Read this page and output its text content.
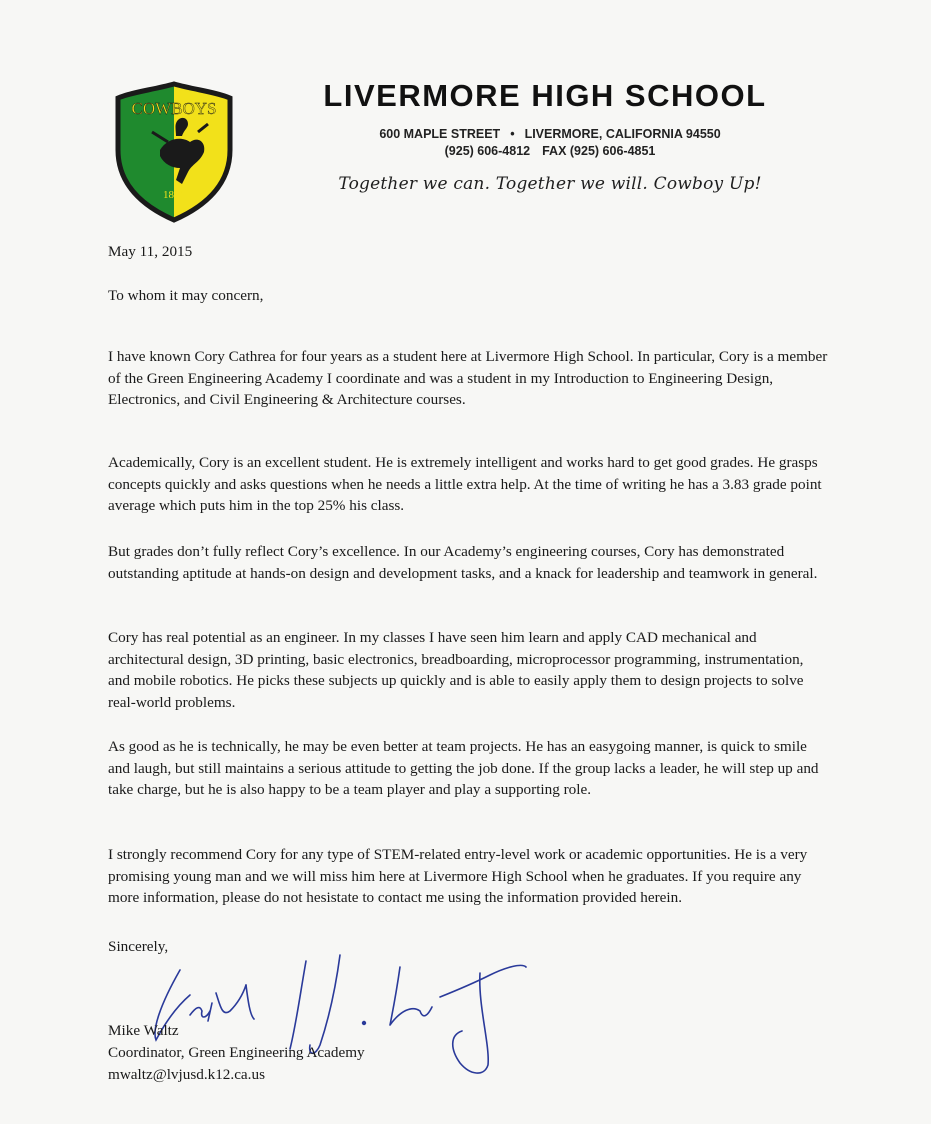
COWBOYS
1891
LIVERMORE HIGH SCHOOL
600 MAPLE STREET • LIVERMORE, CALIFORNIA 94550
(925) 606-4812 FAX (925) 606-4851
Together we can. Together we will. Cowboy Up!
May 11, 2015
To whom it may concern,

I have known Cory Cathrea for four years as a student here at Livermore High School. In particular, Cory is a member of the Green Engineering Academy I coordinate and was a student in my Introduction to Engineering Design, Electronics, and Civil Engineering & Architecture courses.

Academically, Cory is an excellent student. He is extremely intelligent and works hard to get good grades. He grasps concepts quickly and asks questions when he needs a little extra help. At the time of writing he has a 3.83 grade point average which puts him in the top 25% his class.

But grades don’t fully reflect Cory’s excellence. In our Academy’s engineering courses, Cory has demonstrated outstanding aptitude at hands-on design and development tasks, and a knack for leadership and teamwork in general.

Cory has real potential as an engineer. In my classes I have seen him learn and apply CAD mechanical and architectural design, 3D printing, basic electronics, breadboarding, microprocessor programming, instrumentation, and mobile robotics. He picks these subjects up quickly and is able to easily apply them to design projects to solve real-world problems.

As good as he is technically, he may be even better at team projects. He has an easygoing manner, is quick to smile and laugh, but still maintains a serious attitude to getting the job done. If the group lacks a leader, he will step up and take charge, but he is also happy to be a team player and play a supporting role.

I strongly recommend Cory for any type of STEM-related entry-level work or academic opportunities. He is a very promising young man and we will miss him here at Livermore High School when he graduates. If you require any more information, please do not hesistate to contact me using the information provided herein.

Sincerely,
Mike Waltz
Coordinator, Green Engineering Academy
mwaltz@lvjusd.k12.ca.us
